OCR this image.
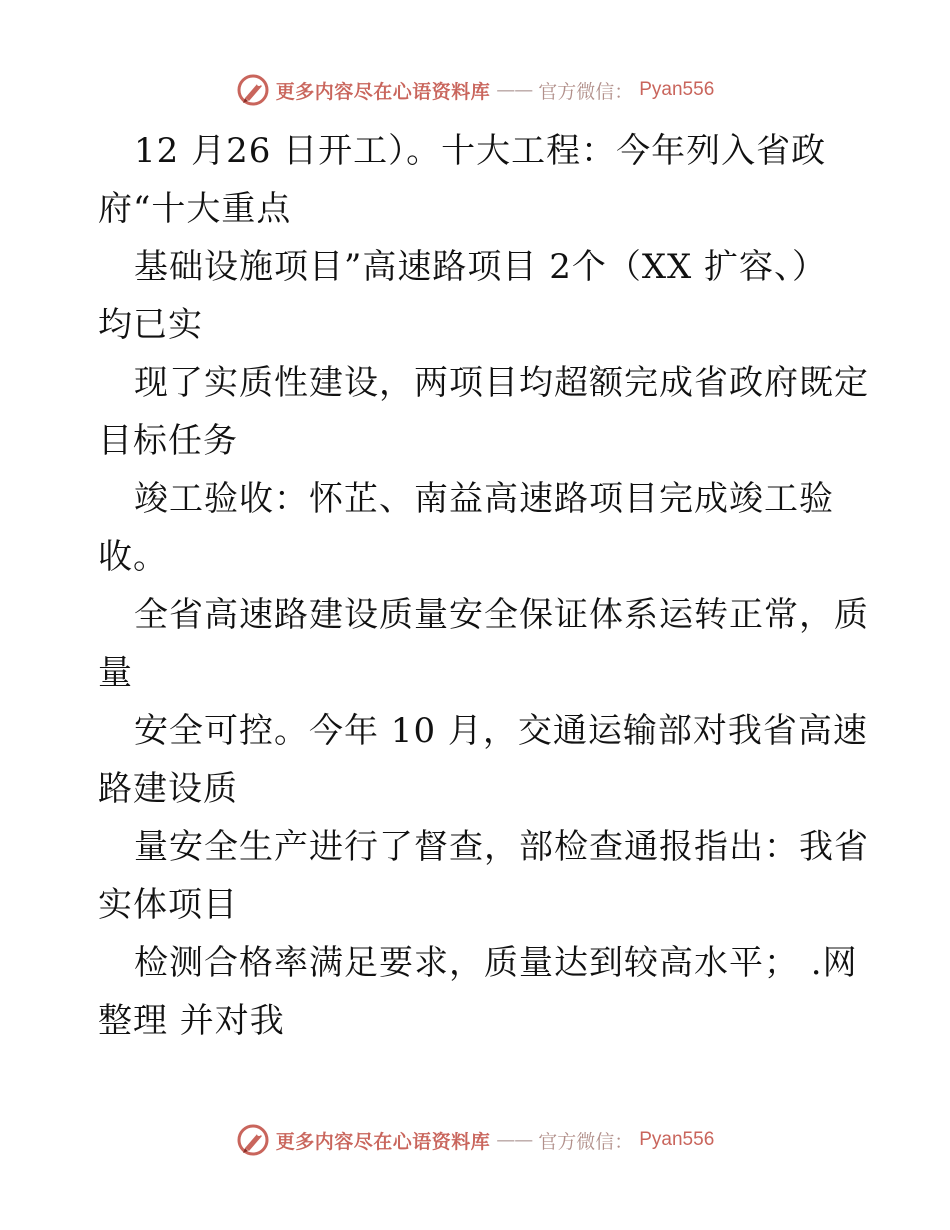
更多内容尽在心语资料库 —— 官方微信： Pyan556
12 月26 日开工）。十大工程：今年列入省政
府“十大重点
基础设施项目”高速路项目 2个（XX 扩容、）
均已实
现了实质性建设，两项目均超额完成省政府既定
目标任务
竣工验收：怀芷、南益高速路项目完成竣工验
收。
全省高速路建设质量安全保证体系运转正常，质
量
安全可控。今年 10 月，交通运输部对我省高速
路建设质
量安全生产进行了督查，部检查通报指出：我省
实体项目
检测合格率满足要求，质量达到较高水平； .网
整理 并对我
更多内容尽在心语资料库 —— 官方微信： Pyan556
